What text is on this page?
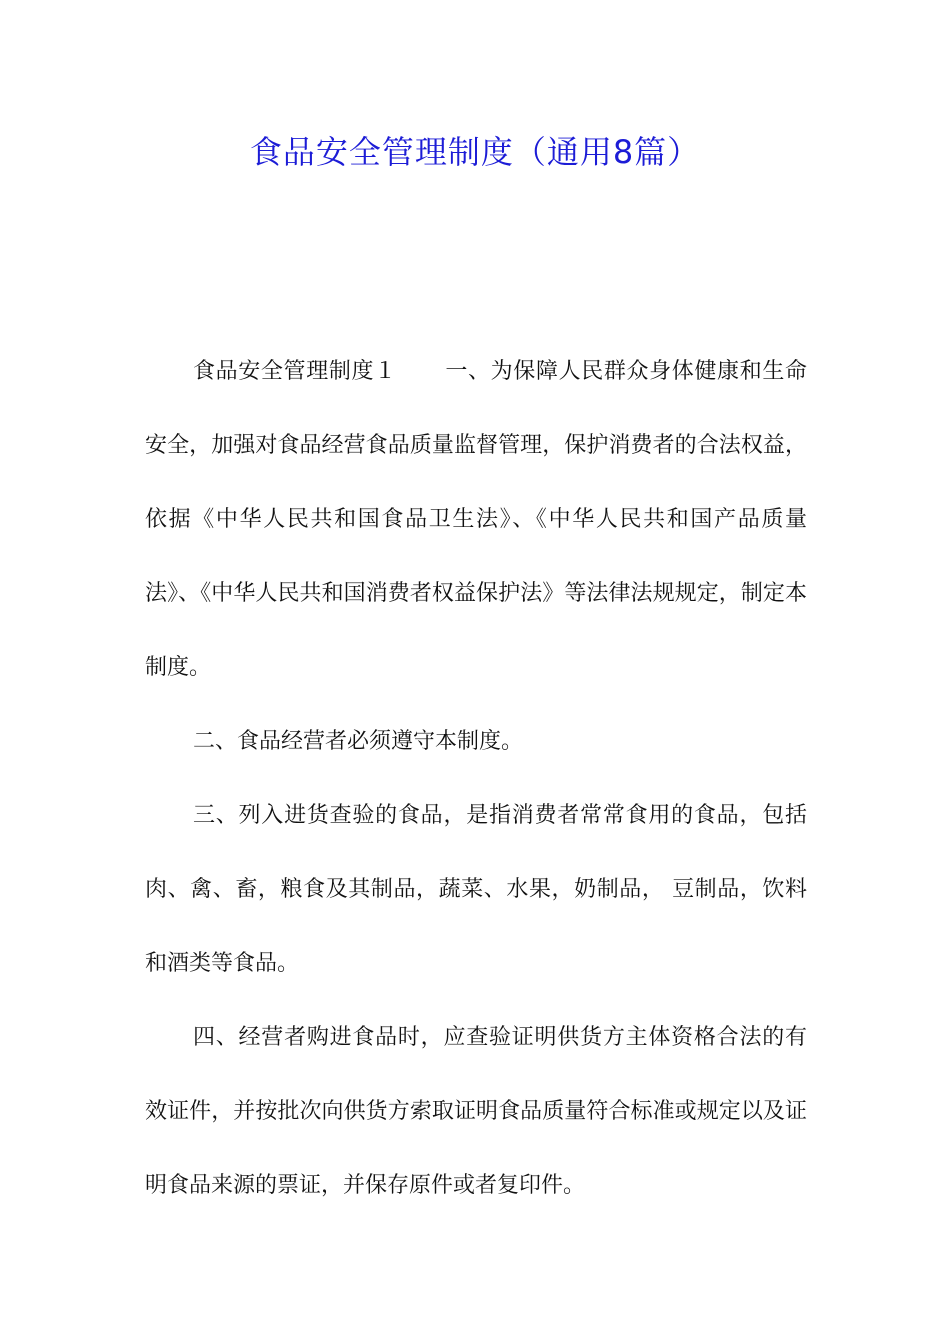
食品安全管理制度（通用8篇）

食品安全管理制度１ 一、为保障人民群众身体健康和生命安全，加强对食品经营食品质量监督管理，保护消费者的合法权益，依据《中华人民共和国食品卫生法》、《中华人民共和国产品质量法》、《中华人民共和国消费者权益保护法》等法律法规规定，制定本制度。

二、食品经营者必须遵守本制度。

三、列入进货查验的食品，是指消费者常常食用的食品，包括肉、禽、畜，粮食及其制品，蔬菜、水果，奶制品， 豆制品，饮料和酒类等食品。

四、经营者购进食品时，应查验证明供货方主体资格合法的有效证件，并按批次向供货方索取证明食品质量符合标准或规定以及证明食品来源的票证，并保存原件或者复印件。
